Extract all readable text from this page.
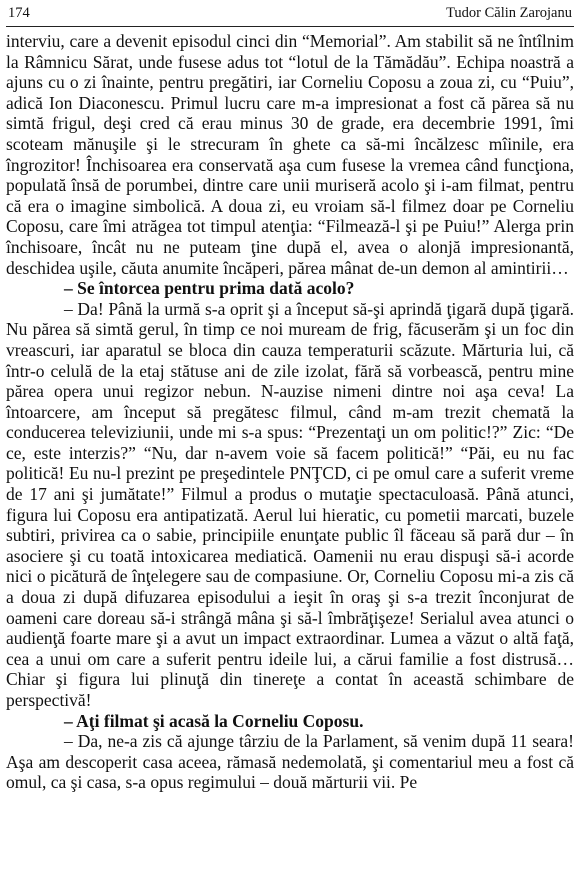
174	Tudor Călin Zarojanu

interviu, care a devenit episodul cinci din “Memorial”. Am stabilit să ne întîlnim la Râmnicu Sărat, unde fusese adus tot “lotul de la Tămădău”. Echipa noastră a ajuns cu o zi înainte, pentru pregătiri, iar Corneliu Coposu a zoua zi, cu “Puiu”, adică Ion Diaconescu. Primul lucru care m-a impresionat a fost că părea să nu simtă frigul, deşi cred că erau minus 30 de grade, era decembrie 1991, îmi scoteam mănuşile şi le strecuram în ghete ca să-mi încălzesc mîinile, era îngrozitor! Închisoarea era conservată aşa cum fusese la vremea când funcţiona, populată însă de porumbei, dintre care unii muriseră acolo şi i-am filmat, pentru că era o imagine simbolică. A doua zi, eu vroiam să-l filmez doar pe Corneliu Coposu, care îmi atrăgea tot timpul atenţia: “Filmează-l şi pe Puiu!” Alerga prin închisoare, încât nu ne puteam ţine după el, avea o alonjă impresionantă, deschidea uşile, căuta anumite încăperi, părea mânat de-un demon al amintirii…

– Se întorcea pentru prima dată acolo?

– Da! Până la urmă s-a oprit şi a început să-şi aprindă ţigară după ţigară. Nu părea să simtă gerul, în timp ce noi muream de frig, făcuserăm şi un foc din vreascuri, iar aparatul se bloca din cauza temperaturii scăzute. Mărturia lui, că într-o celulă de la etaj stătuse ani de zile izolat, fără să vorbească, pentru mine părea opera unui regizor nebun. N-auzise nimeni dintre noi aşa ceva! La întoarcere, am început să pregătesc filmul, când m-am trezit chemată la conducerea televiziunii, unde mi s-a spus: “Prezentaţi un om politic!?” Zic: “De ce, este interzis?” “Nu, dar n-avem voie să facem politică!” “Păi, eu nu fac politică! Eu nu-l prezint pe preşedintele PNŢCD, ci pe omul care a suferit vreme de 17 ani şi jumătate!” Filmul a produs o mutaţie spectaculoasă. Până atunci, figura lui Coposu era antipatizată. Aerul lui hieratic, cu pometii marcati, buzele subtiri, privirea ca o sabie, principiile enunţate public îl făceau să pară dur – în asociere şi cu toată intoxicarea mediatică. Oamenii nu erau dispuşi să-i acorde nici o picătură de înţelegere sau de compasiune. Or, Corneliu Coposu mi-a zis că a doua zi după difuzarea episodului a ieşit în oraş şi s-a trezit înconjurat de oameni care doreau să-i strângă mâna şi să-l îmbrăţişeze! Serialul avea atunci o audienţă foarte mare şi a avut un impact extraordinar. Lumea a văzut o altă faţă, cea a unui om care a suferit pentru ideile lui, a cărui familie a fost distrusă… Chiar şi figura lui plinuţă din tinereţe a contat în această schimbare de perspectivă!

– Aţi filmat şi acasă la Corneliu Coposu.

– Da, ne-a zis că ajunge târziu de la Parlament, să venim după 11 seara! Aşa am descoperit casa aceea, rămasă nedemolată, şi comentariul meu a fost că omul, ca şi casa, s-a opus regimului – două mărturii vii. Pe
